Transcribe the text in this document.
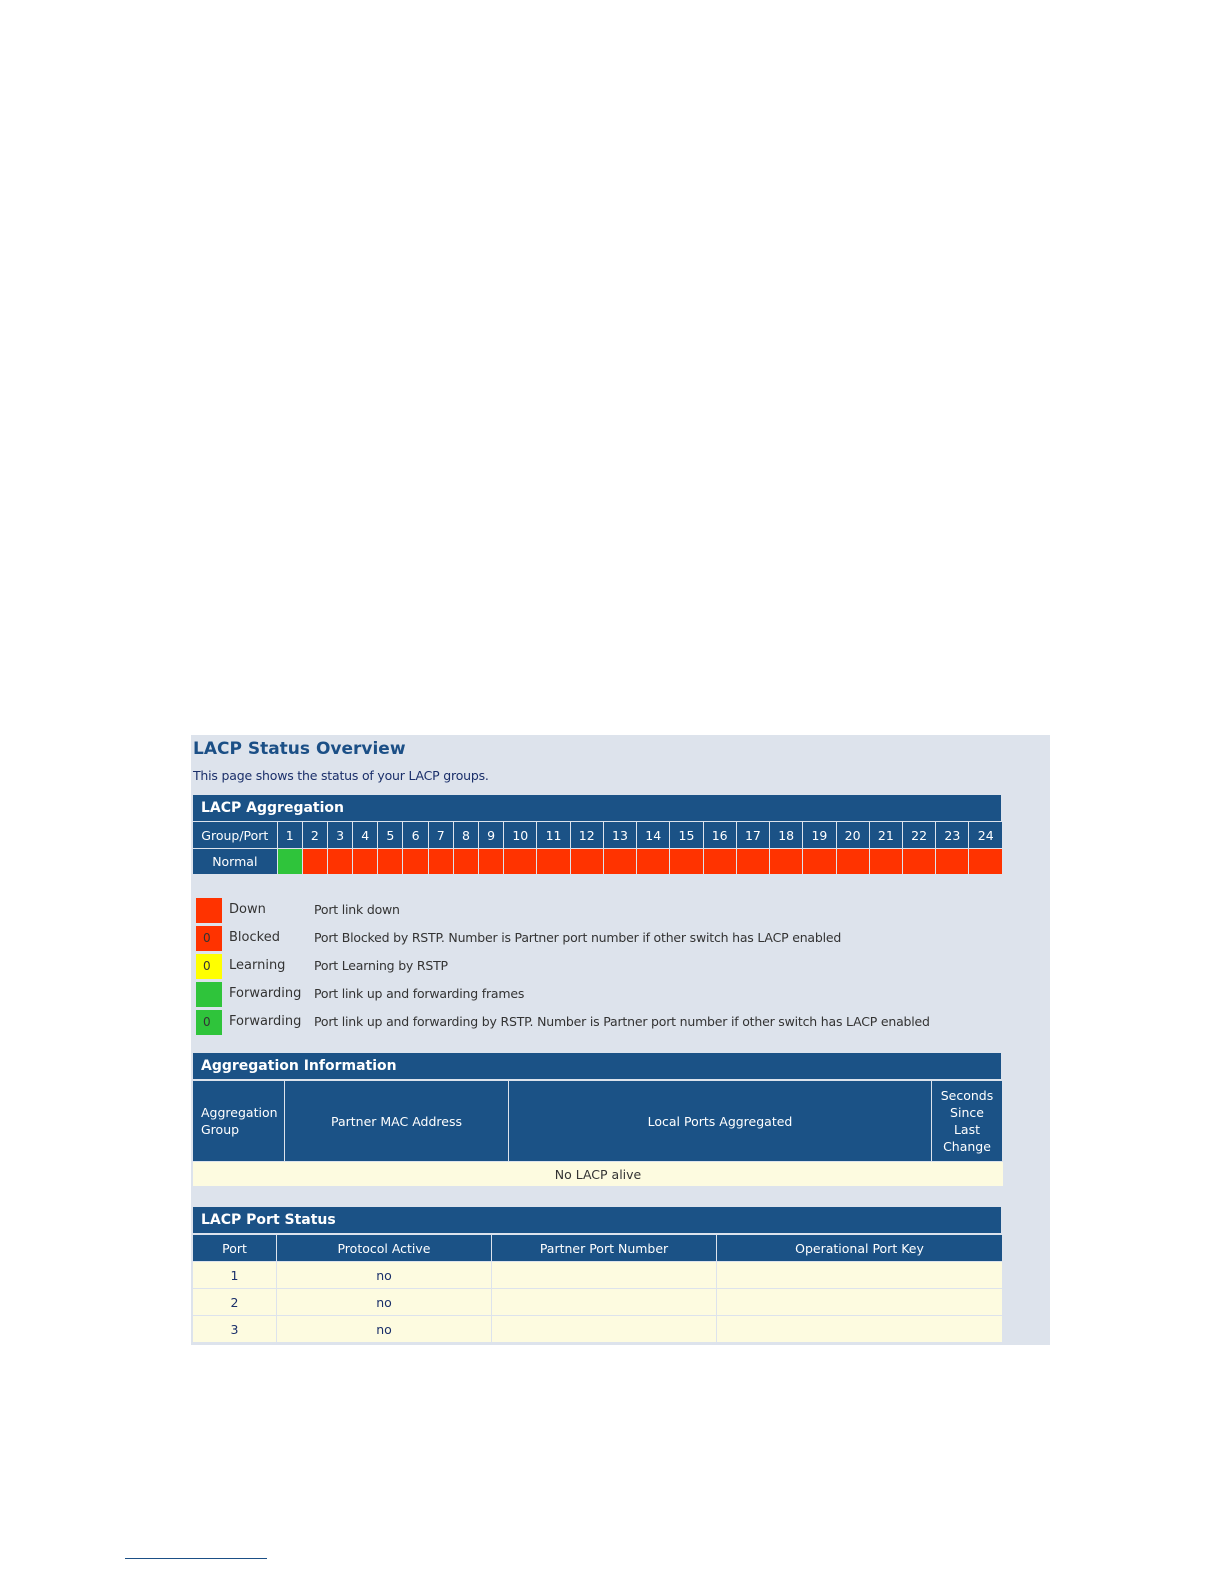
LACP Status Overview
This page shows the status of your LACP groups.
LACP Aggregation
Group/Port	1	2	3	4	5	6	7	8	9	10	11	12	13	14	15	16	17	18	19	20	21	22	23	24
Normal																								
Down	Port link down
0	Blocked	Port Blocked by RSTP. Number is Partner port number if other switch has LACP enabled
0	Learning Port Learning by RSTP
Forwarding Port link up and forwarding frames
0	Forwarding Port link up and forwarding by RSTP. Number is Partner port number if other switch has LACP enabled
Aggregation Information
Aggregation Group	Partner MAC Address	Local Ports Aggregated	Seconds Since Last Change
No LACP alive
LACP Port Status
Port	Protocol Active	Partner Port Number	Operational Port Key
1	no		
2	no		
3	no		
